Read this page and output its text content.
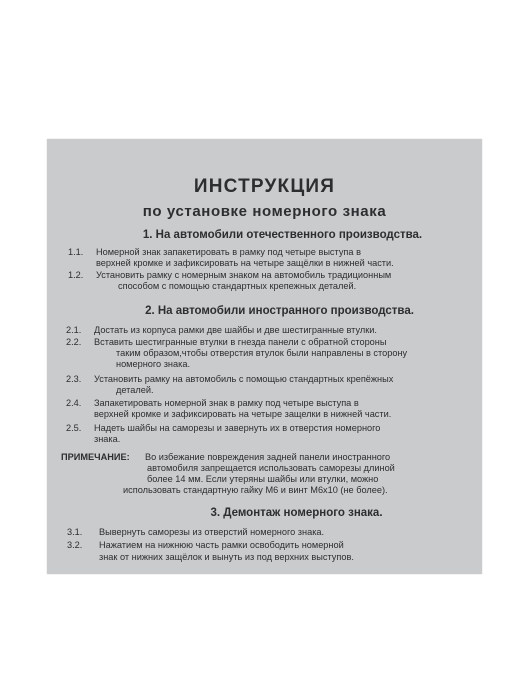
ИНСТРУКЦИЯ
по установке номерного знака
1. На автомобили отечественного производства.
1.1. Номерной знак запакетировать в рамку под четыре выступа в
верхней кромке и зафиксировать на четыре защёлки в нижней части.
1.2. Установить рамку с номерным знаком на автомобиль традиционным
способом с помощью стандартных крепежных деталей.
2. На автомобили иностранного производства.
2.1. Достать из корпуса рамки две шайбы и две шестигранные втулки.
2.2. Вставить шестигранные втулки в гнезда панели с обратной стороны
таким образом,чтобы отверстия втулок были направлены в сторону
номерного знака.
2.3. Установить рамку на автомобиль с помощью стандартных крепёжных
деталей.
2.4. Запакетировать номерной знак в рамку под четыре выступа в
верхней кромке и зафиксировать на четыре защелки в нижней части.
2.5. Надеть шайбы на саморезы и завернуть их в отверстия номерного
знака.
ПРИМЕЧАНИЕ: Во избежание повреждения задней панели иностранного
автомобиля запрещается использовать саморезы длиной
более 14 мм. Если утеряны шайбы или втулки, можно
использовать стандартную гайку М6 и винт М6х10 (не более).
3. Демонтаж номерного знака.
3.1. Вывернуть саморезы из отверстий номерного знака.
3.2. Нажатием на нижнюю часть рамки освободить номерной
знак от нижних защёлок и вынуть из под верхних выступов.
